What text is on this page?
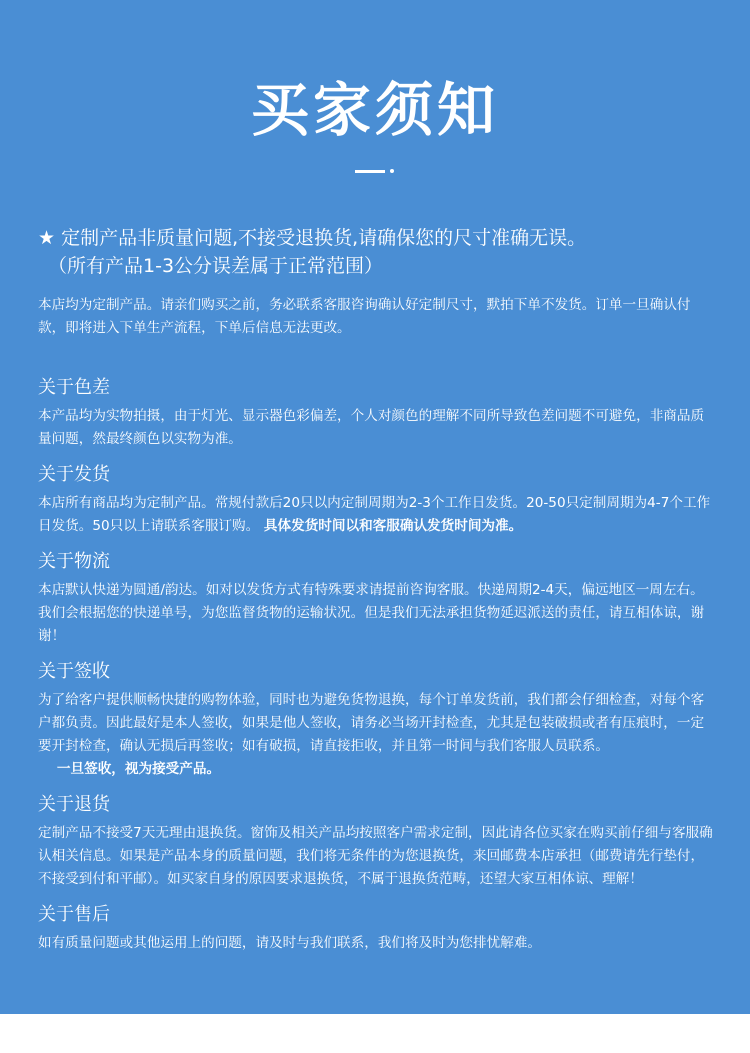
买家须知
★ 定制产品非质量问题,不接受退换货,请确保您的尺寸准确无误。
（所有产品1-3公分误差属于正常范围）

本店均为定制产品。请亲们购买之前，务必联系客服咨询确认好定制尺寸，默拍下单不发货。订单一旦确认付款，即将进入下单生产流程，下单后信息无法更改。

关于色差

本产品均为实物拍摄，由于灯光、显示器色彩偏差，个人对颜色的理解不同所导致色差问题不可避免，非商品质量问题，然最终颜色以实物为准。

关于发货

本店所有商品均为定制产品。常规付款后20只以内定制周期为2-3个工作日发货。20-50只定制周期为4-7个工作日发货。50只以上请联系客服订购。 具体发货时间以和客服确认发货时间为准。

关于物流

本店默认快递为圆通/韵达。如对以发货方式有特殊要求请提前咨询客服。快递周期2-4天，偏远地区一周左右。我们会根据您的快递单号，为您监督货物的运输状况。但是我们无法承担货物延迟派送的责任，请互相体谅，谢谢！

关于签收

为了给客户提供顺畅快捷的购物体验，同时也为避免货物退换，每个订单发货前，我们都会仔细检查，对每个客户都负责。因此最好是本人签收，如果是他人签收，请务必当场开封检查，尤其是包装破损或者有压痕时，一定要开封检查，确认无损后再签收；如有破损，请直接拒收，并且第一时间与我们客服人员联系。    一旦签收，视为接受产品。

关于退货

定制产品不接受7天无理由退换货。窗饰及相关产品均按照客户需求定制，因此请各位买家在购买前仔细与客服确认相关信息。如果是产品本身的质量问题，我们将无条件的为您退换货，来回邮费本店承担（邮费请先行垫付，不接受到付和平邮）。如买家自身的原因要求退换货，不属于退换货范畴，还望大家互相体谅、理解！

关于售后

如有质量问题或其他运用上的问题，请及时与我们联系，我们将及时为您排忧解难。
